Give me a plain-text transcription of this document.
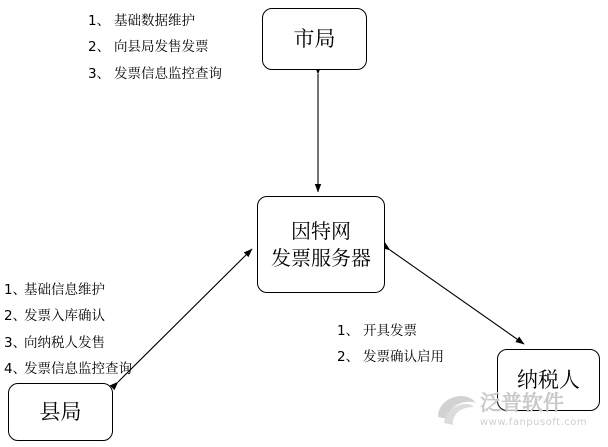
市局
因特网
发票服务器
县局
纳税人
1、 基础数据维护
2、 向县局发售发票
3、 发票信息监控查询
1、
基础信息维护
2、
发票入库确认
3、
向纳税人发售
4、
发票信息监控查询
1、 开具发票
2、 发票确认启用
泛普软件
www.fanpusoft.com
